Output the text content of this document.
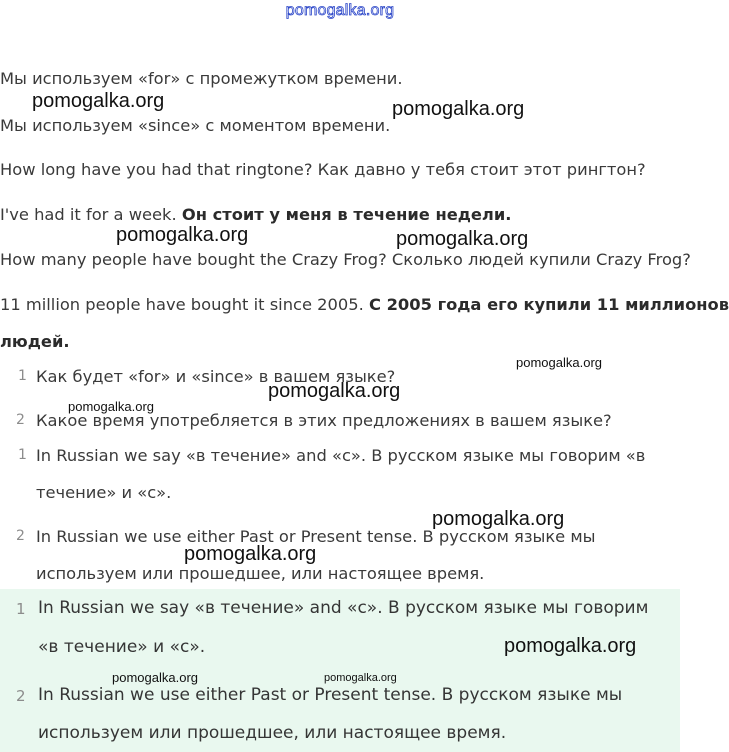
pomogalka.org
Мы используем «for» с промежутком времени.
Мы используем «since» с моментом времени.
How long have you had that ringtone? Как давно у тебя стоит этот рингтон?
I've had it for a week. Он стоит у меня в течение недели.
How many people have bought the Crazy Frog? Сколько людей купили Crazy Frog?
11 million people have bought it since 2005. С 2005 года его купили 11 миллионов
людей.
1 Как будет «for» и «since» в вашем языке?
2 Какое время употребляется в этих предложениях в вашем языке?
1 In Russian we say «в течение» and «с». В русском языке мы говорим «в
течение» и «с».
2 In Russian we use either Past or Present tense. В русском языке мы
используем или прошедшее, или настоящее время.
1 In Russian we say «в течение» and «с». В русском языке мы говорим
«в течение» и «с».
2 In Russian we use either Past or Present tense. В русском языке мы
используем или прошедшее, или настоящее время.
pomogalka.org	pomogalka.org
pomogalka.org	pomogalka.org
pomogalka.org
pomogalka.org
pomogalka.org
pomogalka.org
pomogalka.org
pomogalka.org
pomogalka.org	pomogalka.org
